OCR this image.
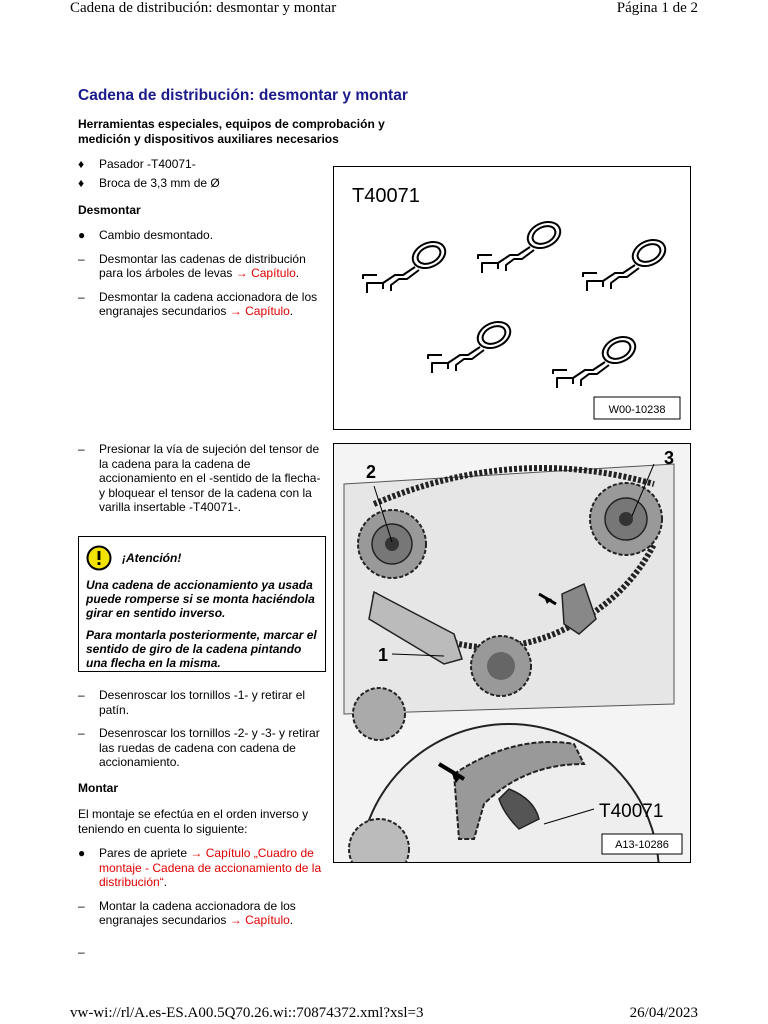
Cadena de distribución: desmontar y montar	Página 1 de 2
Cadena de distribución: desmontar y montar
Herramientas especiales, equipos de comprobación y medición y dispositivos auxiliares necesarios
♦	Pasador -T40071-
♦	Broca de 3,3 mm de Ø
Desmontar
●	Cambio desmontado.
–	Desmontar las cadenas de distribución para los árboles de levas → Capítulo.
–	Desmontar la cadena accionadora de los engranajes secundarios → Capítulo.
–	Presionar la vía de sujeción del tensor de la cadena para la cadena de accionamiento en el -sentido de la flecha- y bloquear el tensor de la cadena con la varilla insertable -T40071-.
¡Atención!

Una cadena de accionamiento ya usada puede romperse si se monta haciéndola girar en sentido inverso.

Para montarla posteriormente, marcar el sentido de giro de la cadena pintando una flecha en la misma.

–	Desenroscar los tornillos -1- y retirar el patín.
–	Desenroscar los tornillos -2- y -3- y retirar las ruedas de cadena con cadena de accionamiento.
Montar
El montaje se efectúa en el orden inverso y teniendo en cuenta lo siguiente:
●	Pares de apriete → Capítulo „Cuadro de montaje - Cadena de accionamiento de la distribución“.
–	Montar la cadena accionadora de los engranajes secundarios → Capítulo.
–
T40071
W00-10238
2
3
1
T40071
A13-10286
vw-wi://rl/A.es-ES.A00.5Q70.26.wi::70874372.xml?xsl=3	26/04/2023
